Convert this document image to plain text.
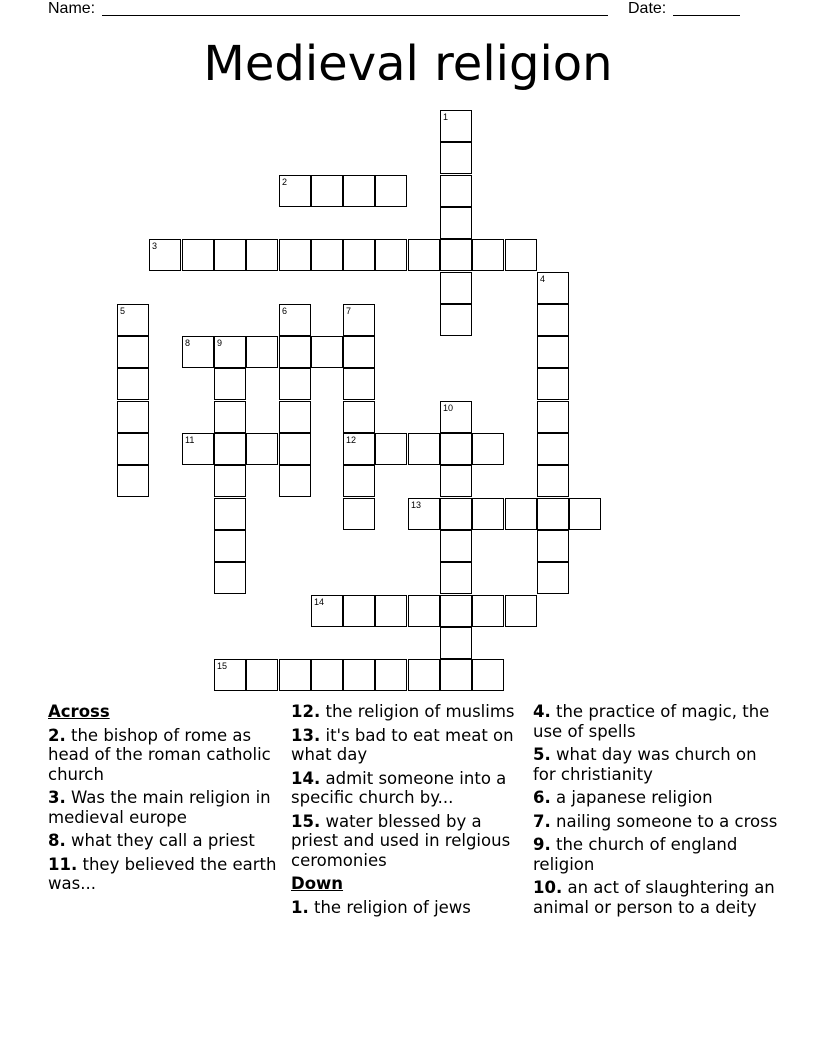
Name:	Date:
Medieval religion
1
2
3
4
5	6	7
12
8	9
10
11
13
14
15
Across
2. the bishop of rome as head of the roman catholic church
3. Was the main religion in medieval europe
8. what they call a priest
11. they believed the earth was...
12. the religion of muslims
13. it's bad to eat meat on what day
14. admit someone into a specific church by...
15. water blessed by a priest and used in relgious ceromonies
Down
1. the religion of jews
4. the practice of magic, the use of spells
5. what day was church on for christianity
6. a japanese religion
7. nailing someone to a cross
9. the church of england religion
10. an act of slaughtering an animal or person to a deity
